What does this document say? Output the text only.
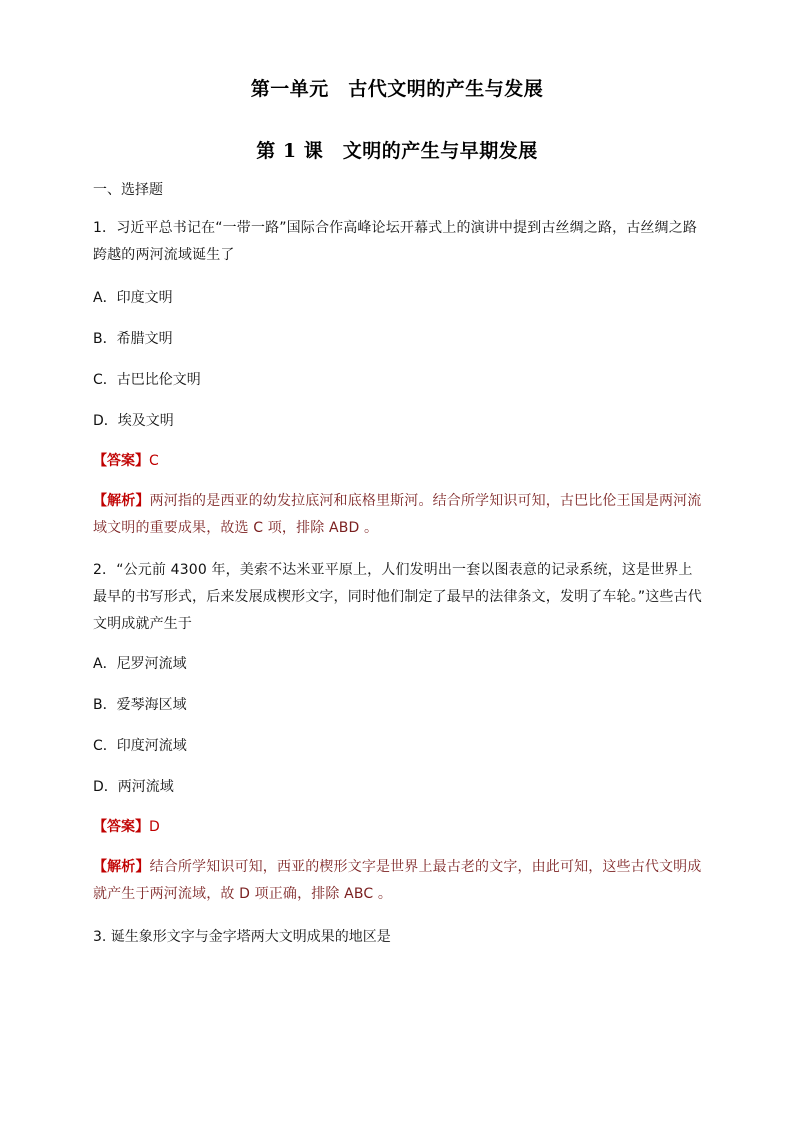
第一单元　古代文明的产生与发展
第 1 课　文明的产生与早期发展
一、选择题
1．习近平总书记在“一带一路”国际合作高峰论坛开幕式上的演讲中提到古丝绸之路，古丝绸之路跨越的两河流域诞生了
A．印度文明
B．希腊文明
C．古巴比伦文明
D．埃及文明
【答案】C
【解析】两河指的是西亚的幼发拉底河和底格里斯河。结合所学知识可知，古巴比伦王国是两河流域文明的重要成果，故选 C 项，排除 ABD 。
2．“公元前 4300 年，美索不达米亚平原上，人们发明出一套以图表意的记录系统，这是世界上最早的书写形式，后来发展成楔形文字，同时他们制定了最早的法律条文，发明了车轮。”这些古代文明成就产生于
A．尼罗河流域
B．爱琴海区域
C．印度河流域
D．两河流域
【答案】D
【解析】结合所学知识可知，西亚的楔形文字是世界上最古老的文字，由此可知，这些古代文明成就产生于两河流域，故 D 项正确，排除 ABC 。
3. 诞生象形文字与金字塔两大文明成果的地区是
